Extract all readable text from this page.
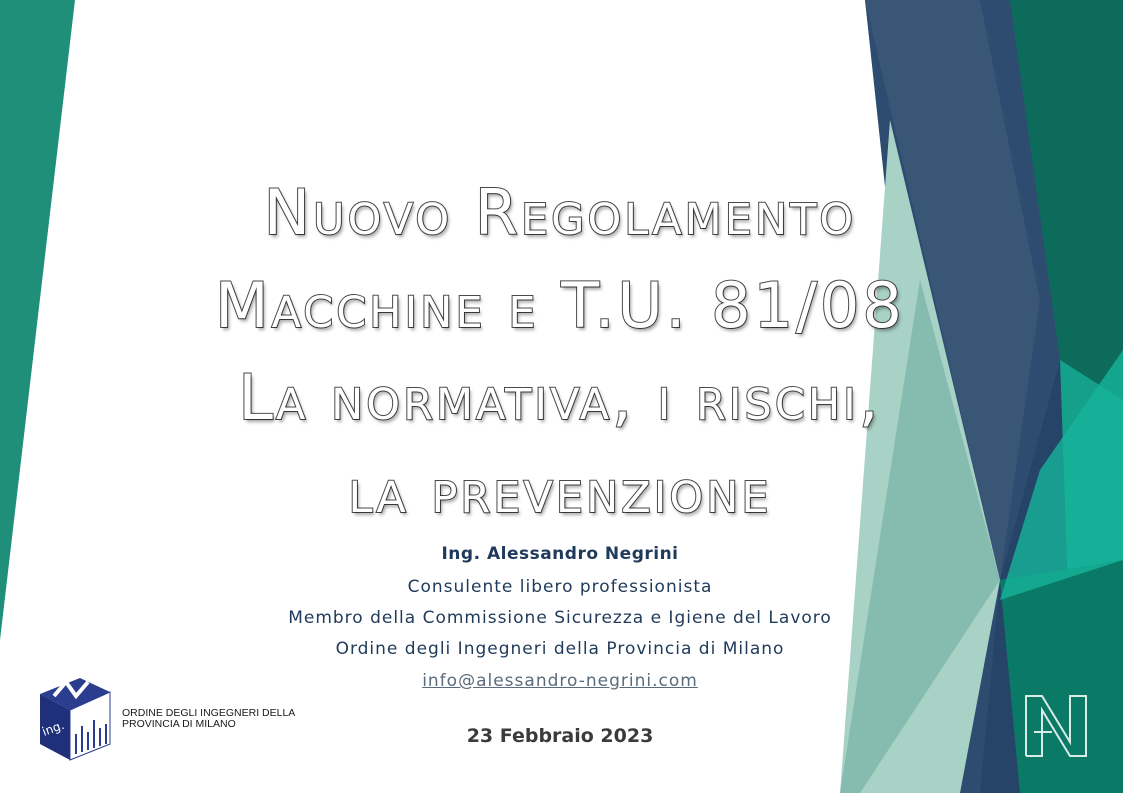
Nuovo Regolamento
Macchine e T.U. 81/08
La normativa, i rischi,
la prevenzione
Ing. Alessandro Negrini
Consulente libero professionista
Membro della Commissione Sicurezza e Igiene del Lavoro
Ordine degli Ingegneri della Provincia di Milano
info@alessandro-negrini.com
23 Febbraio 2023
ing.
ORDINE DEGLI INGEGNERI DELLA
PROVINCIA DI MILANO
